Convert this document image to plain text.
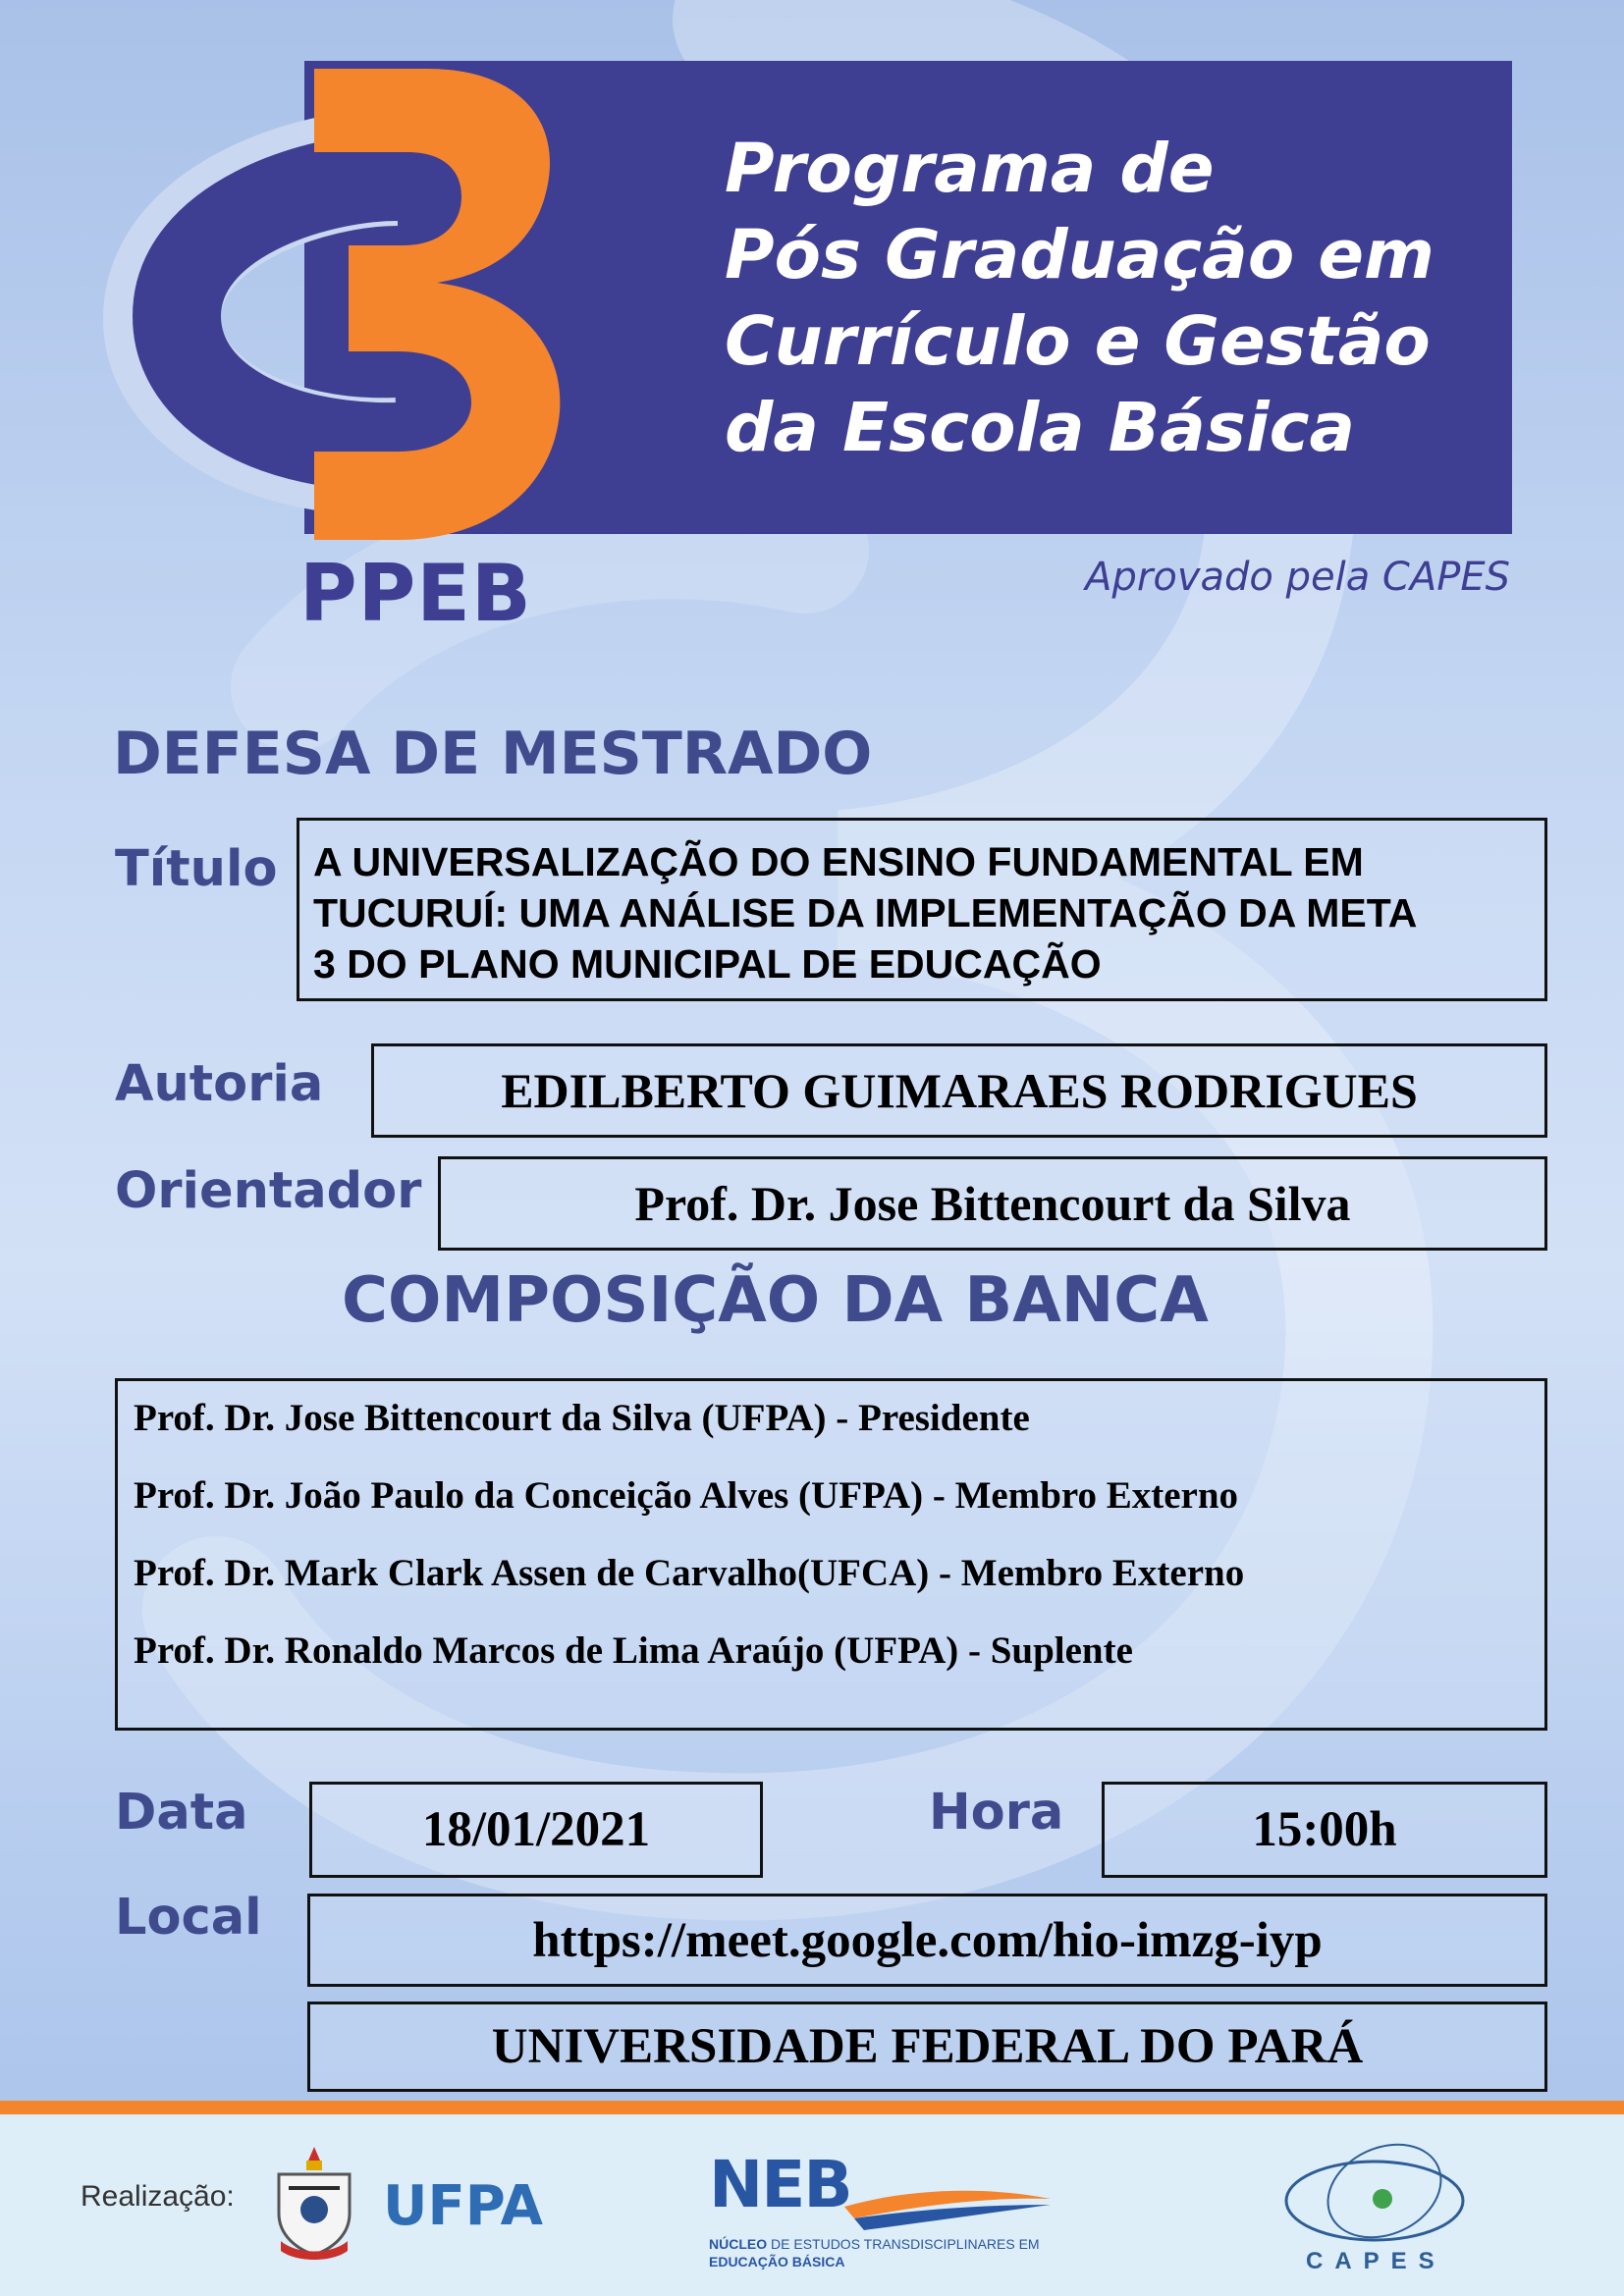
Programa de
Pós Graduação em
Currículo e Gestão
da Escola Básica
PPEB	Aprovado pela CAPES
DEFESA DE MESTRADO
Título A UNIVERSALIZAÇÃO DO ENSINO FUNDAMENTAL EM
TUCURUÍ: UMA ANÁLISE DA IMPLEMENTAÇÃO DA META
3 DO PLANO MUNICIPAL DE EDUCAÇÃO
Autoria	EDILBERTO GUIMARAES RODRIGUES
Orientador	Prof. Dr. Jose Bittencourt da Silva
COMPOSIÇÃO DA BANCA
Prof. Dr. Jose Bittencourt da Silva (UFPA) - Presidente
Prof. Dr. João Paulo da Conceição Alves (UFPA) - Membro Externo
Prof. Dr. Mark Clark Assen de Carvalho(UFCA) - Membro Externo
Prof. Dr. Ronaldo Marcos de Lima Araújo (UFPA) - Suplente
Data	18/01/2021	Hora	15:00h
Local	https://meet.google.com/hio-imzg-iyp
UNIVERSIDADE FEDERAL DO PARÁ
Realização:	UFPA	NEB
NÚCLEO DE ESTUDOS TRANSDISCIPLINARES EM
EDUCAÇÃO BÁSICA	CAPES
